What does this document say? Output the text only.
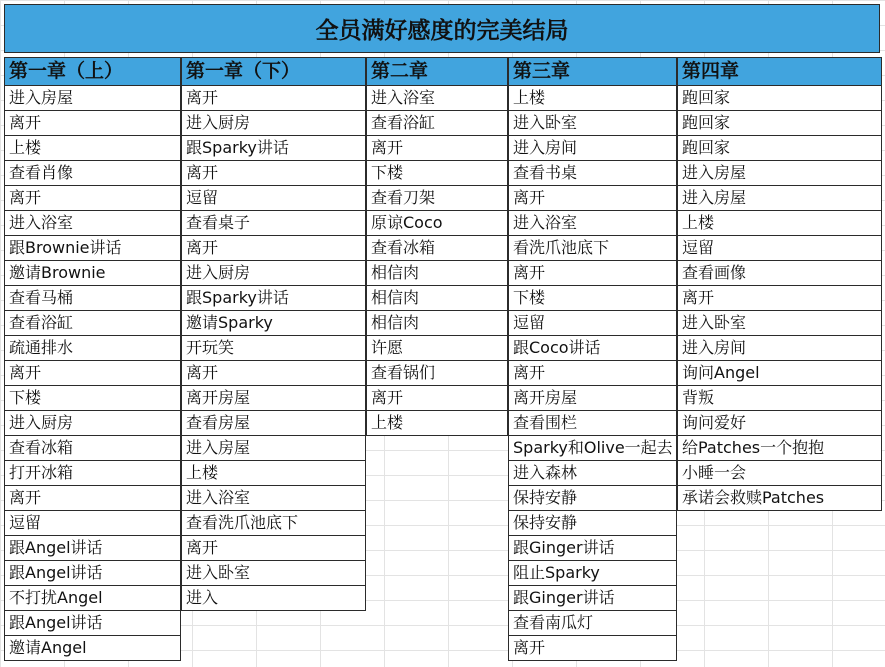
全员满好感度的完美结局
第一章（上）
进入房屋
离开
上楼
查看肖像
离开
进入浴室
跟Brownie讲话
邀请Brownie
查看马桶
查看浴缸
疏通排水
离开
下楼
进入厨房
查看冰箱
打开冰箱
离开
逗留
跟Angel讲话
跟Angel讲话
不打扰Angel
跟Angel讲话
邀请Angel
第一章（下）
离开
进入厨房
跟Sparky讲话
离开
逗留
查看桌子
离开
进入厨房
跟Sparky讲话
邀请Sparky
开玩笑
离开
离开房屋
查看房屋
进入房屋
上楼
进入浴室
查看洗爪池底下
离开
进入卧室
进入
第二章
进入浴室
查看浴缸
离开
下楼
查看刀架
原谅Coco
查看冰箱
相信肉
相信肉
相信肉
许愿
查看锅们
离开
上楼
第三章
上楼
进入卧室
进入房间
查看书桌
离开
进入浴室
看洗爪池底下
离开
下楼
逗留
跟Coco讲话
离开
离开房屋
查看围栏
Sparky和Olive一起去
进入森林
保持安静
保持安静
跟Ginger讲话
阻止Sparky
跟Ginger讲话
查看南瓜灯
离开
第四章
跑回家
跑回家
跑回家
进入房屋
进入房屋
上楼
逗留
查看画像
离开
进入卧室
进入房间
询问Angel
背叛
询问爱好
给Patches一个抱抱
小睡一会
承诺会救赎Patches
